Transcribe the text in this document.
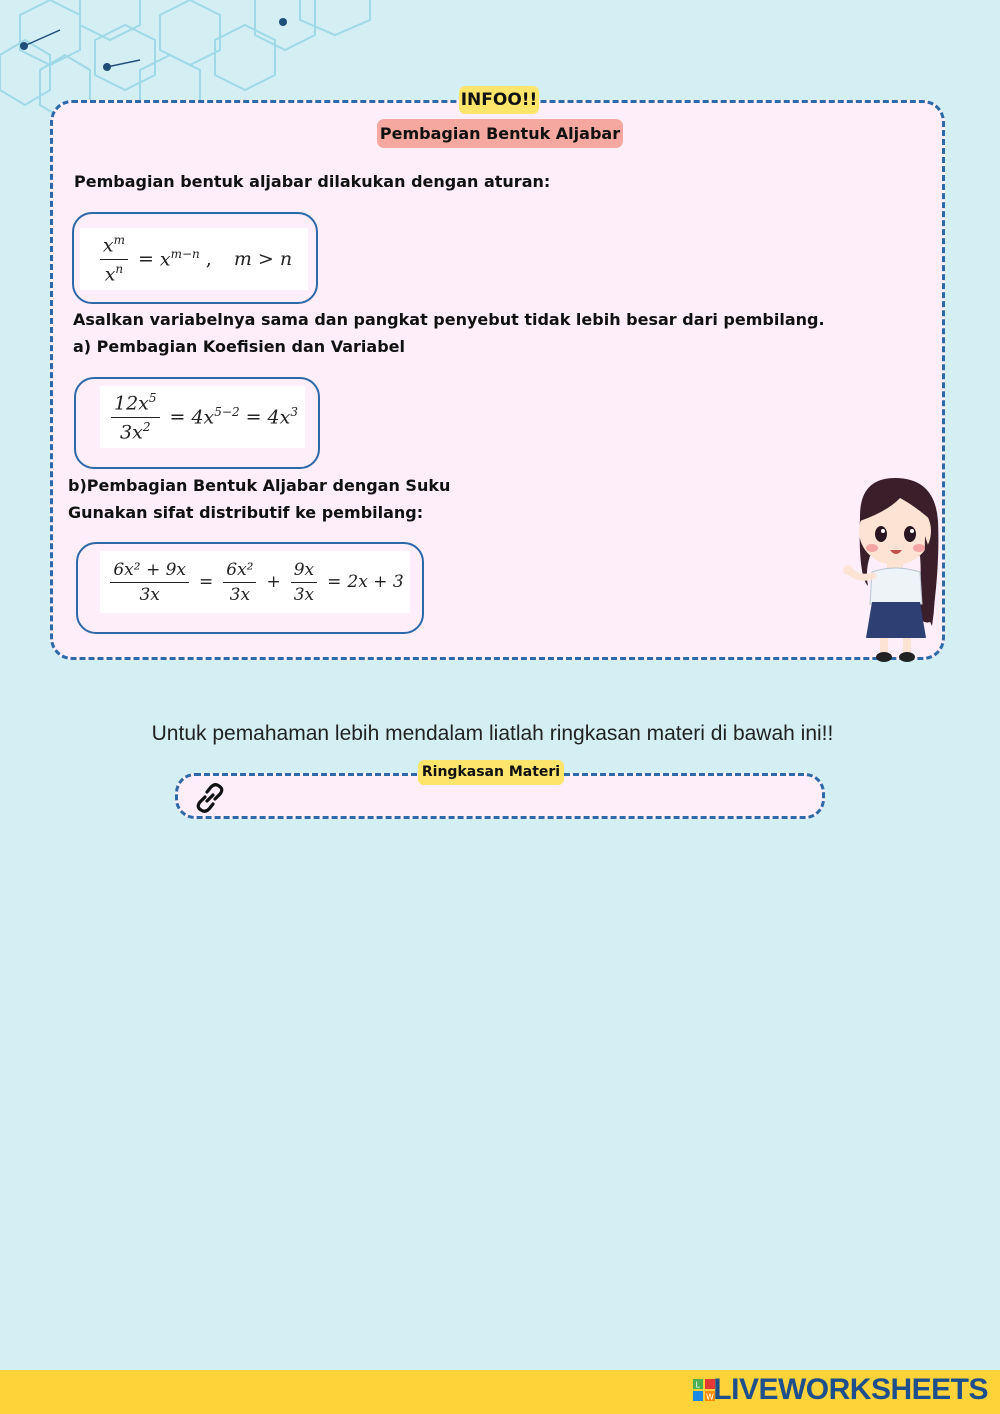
INFOO!!
Pembagian Bentuk Aljabar
Pembagian bentuk aljabar dilakukan dengan aturan:
$\frac{x^m}{x^n} = x^{m-n}$ , m > n
Asalkan variabelnya sama dan pangkat penyebut tidak lebih besar dari pembilang.
a) Pembagian Koefisien dan Variabel
$\frac{12x^5}{3x^2} = 4x^{5-2} = 4x^3$
b)Pembagian Bentuk Aljabar dengan Suku
Gunakan sifat distributif ke pembilang:
$\frac{\text{6x² + 9x}}{3x} = \frac{\text{6x²}}{3x} + \frac{9x}{3x} = 2x + 3$
Untuk pemahaman lebih mendalam liatlah ringkasan materi di bawah ini!!
Ringkasan Materi
L
W LIVEWORKSHEETS
